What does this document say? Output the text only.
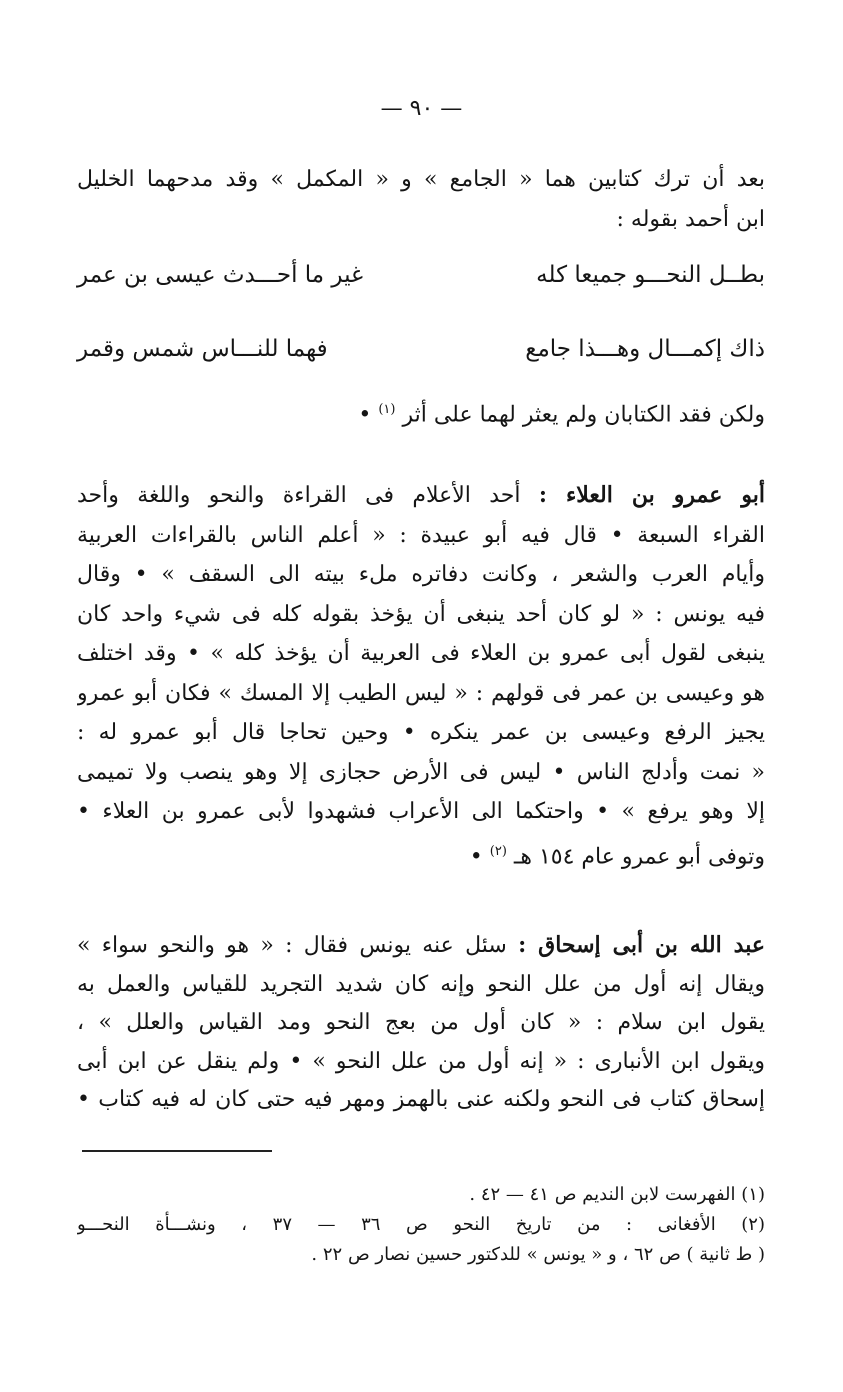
— ٩٠ —
بعد أن ترك كتابين هما « الجامع » و « المكمل » وقد مدحهما الخليل
ابن أحمد بقوله :
بطــل النحـــو جميعا كله
غير ما أحـــدث عيسى بن عمر
ذاك إكمـــال وهـــذا جامع
فهما للنـــاس شمس وقمر
ولكن فقد الكتابان ولم يعثر لهما على أثر $^{(١)}$ •
أبو عمرو بن العلاء : أحد الأعلام فى القراءة والنحو واللغة وأحد
القراء السبعة • قال فيه أبو عبيدة : « أعلم الناس بالقراءات العربية
وأيام العرب والشعر ، وكانت دفاتره ملء بيته الى السقف » • وقال
فيه يونس : « لو كان أحد ينبغى أن يؤخذ بقوله كله فى شيء واحد كان
ينبغى لقول أبى عمرو بن العلاء فى العربية أن يؤخذ كله » • وقد اختلف
هو وعيسى بن عمر فى قولهم : « ليس الطيب إلا المسك » فكان أبو عمرو
يجيز الرفع وعيسى بن عمر ينكره • وحين تحاجا قال أبو عمرو له :
« نمت وأدلج الناس • ليس فى الأرض حجازى إلا وهو ينصب ولا تميمى
إلا وهو يرفع » • واحتكما الى الأعراب فشهدوا لأبى عمرو بن العلاء •
وتوفى أبو عمرو عام ١٥٤ هـ $^{(٢)}$ •
عبد الله بن أبى إسحاق : سئل عنه يونس فقال : « هو والنحو سواء »
ويقال إنه أول من علل النحو وإنه كان شديد التجريد للقياس والعمل به
يقول ابن سلام : « كان أول من بعج النحو ومد القياس والعلل » ،
ويقول ابن الأنبارى : « إنه أول من علل النحو » • ولم ينقل عن ابن أبى
إسحاق كتاب فى النحو ولكنه عنى بالهمز ومهر فيه حتى كان له فيه كتاب •
(١) الفهرست لابن النديم ص ٤١ — ٤٢ .
(٢) الأفغانى : من تاريخ النحو ص ٣٦ — ٣٧ ، ونشـــأة النحـــو
( ط ثانية ) ص ٦٢ ، و « يونس » للدكتور حسين نصار ص ٢٢ .
